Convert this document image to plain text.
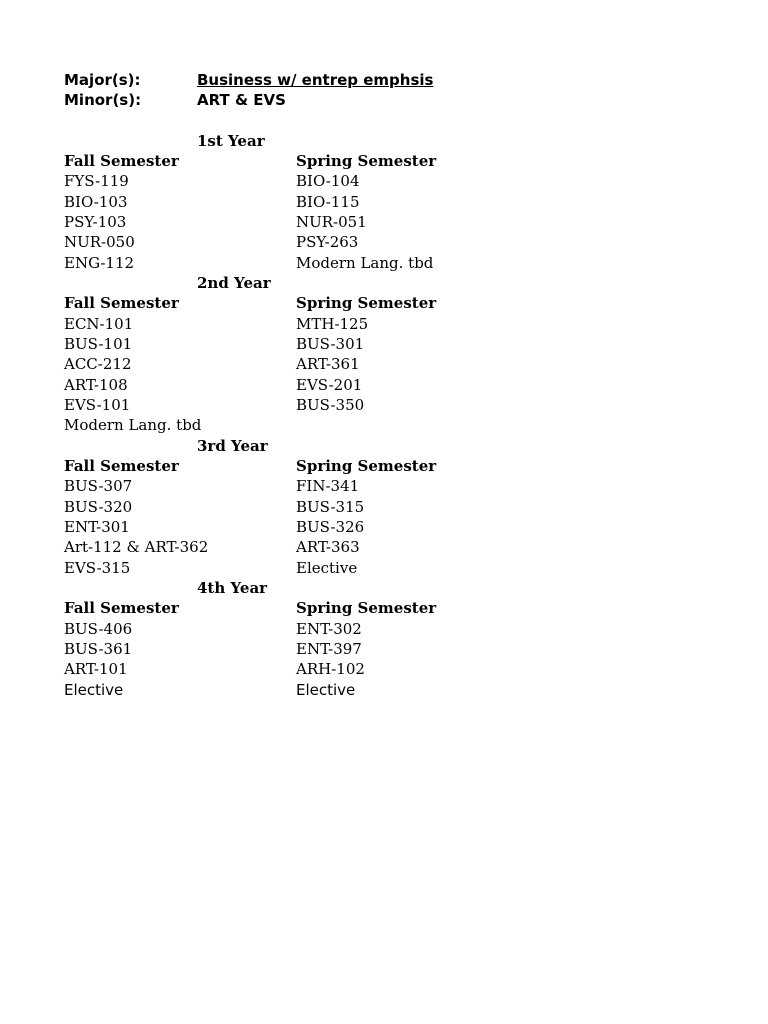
Major(s):	Business w/ entrep emphsis
Minor(s):	ART & EVS
1st Year
Fall Semester	Spring Semester
FYS-119	BIO-104
BIO-103	BIO-115
PSY-103	NUR-051
NUR-050	PSY-263
ENG-112	Modern Lang. tbd
2nd Year
Fall Semester	Spring Semester
ECN-101	MTH-125
BUS-101	BUS-301
ACC-212	ART-361
ART-108	EVS-201
EVS-101	BUS-350
Modern Lang. tbd
3rd Year
Fall Semester	Spring Semester
BUS-307	FIN-341
BUS-320	BUS-315
ENT-301	BUS-326
Art-112 & ART-362	ART-363
EVS-315	Elective
4th Year
Fall Semester	Spring Semester
BUS-406	ENT-302
BUS-361	ENT-397
ART-101	ARH-102
Elective	Elective
